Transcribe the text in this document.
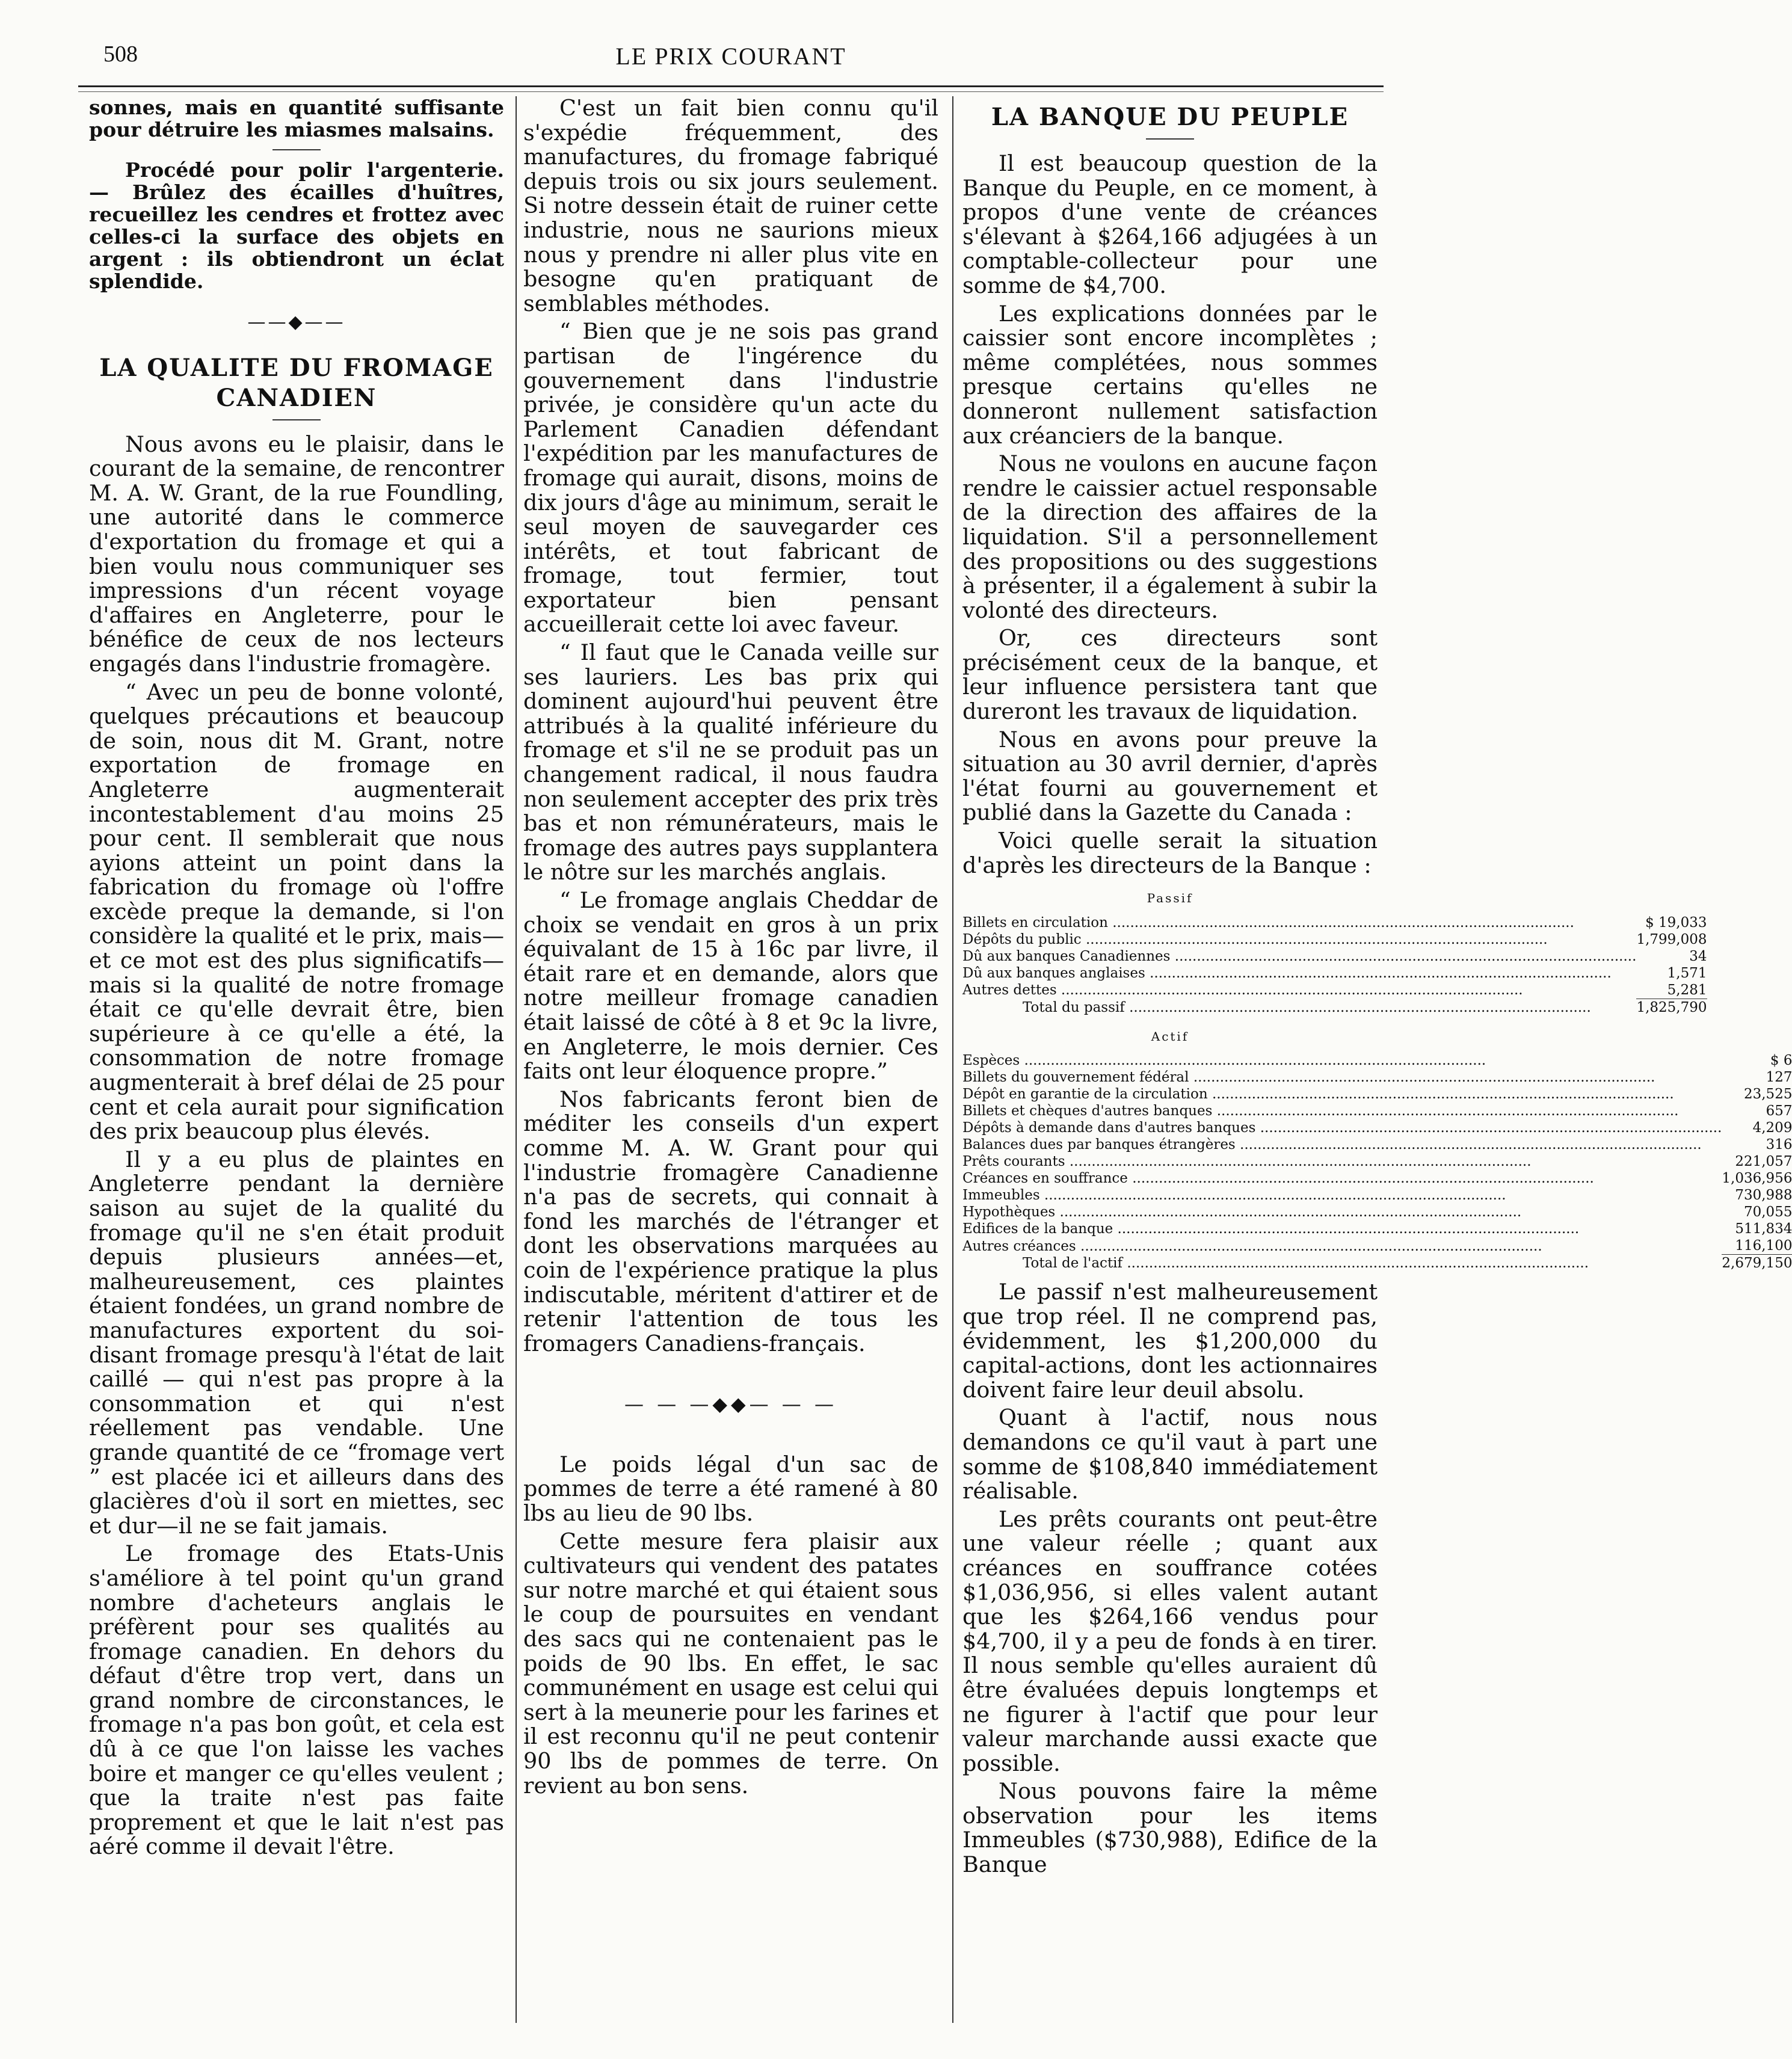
508	LE PRIX COURANT

sonnes, mais en quantité suffisante pour détruire les miasmes malsains.

Procédé pour polir l'argenterie. — Brûlez des écailles d'huîtres, recueillez les cendres et frottez avec celles-ci la surface des objets en argent : ils obtiendront un éclat splendide.

——◆——
LA QUALITE DU FROMAGE
CANADIEN

Nous avons eu le plaisir, dans le courant de la semaine, de rencontrer M. A. W. Grant, de la rue Foundling, une autorité dans le commerce d'exportation du fromage et qui a bien voulu nous communiquer ses impressions d'un récent voyage d'affaires en Angleterre, pour le bénéfice de ceux de nos lecteurs engagés dans l'industrie fromagère.

“ Avec un peu de bonne volonté, quelques précautions et beaucoup de soin, nous dit M. Grant, notre exportation de fromage en Angleterre augmenterait incontestablement d'au moins 25 pour cent. Il semblerait que nous ayions atteint un point dans la fabrication du fromage où l'offre excède preque la demande, si l'on considère la qualité et le prix, mais—et ce mot est des plus significatifs—mais si la qualité de notre fromage était ce qu'elle devrait être, bien supérieure à ce qu'elle a été, la consommation de notre fromage augmenterait à bref délai de 25 pour cent et cela aurait pour signification des prix beaucoup plus élevés.

Il y a eu plus de plaintes en Angleterre pendant la dernière saison au sujet de la qualité du fromage qu'il ne s'en était produit depuis plusieurs années—et, malheureusement, ces plaintes étaient fondées, un grand nombre de manufactures exportent du soi-disant fromage presqu'à l'état de lait caillé — qui n'est pas propre à la consommation et qui n'est réellement pas vendable. Une grande quantité de ce “fromage vert ” est placée ici et ailleurs dans des glacières d'où il sort en miettes, sec et dur—il ne se fait jamais.

Le fromage des Etats-Unis s'améliore à tel point qu'un grand nombre d'acheteurs anglais le préfèrent pour ses qualités au fromage canadien. En dehors du défaut d'être trop vert, dans un grand nombre de circonstances, le fromage n'a pas bon goût, et cela est dû à ce que l'on laisse les vaches boire et manger ce qu'elles veulent ; que la traite n'est pas faite proprement et que le lait n'est pas aéré comme il devait l'être.

C'est un fait bien connu qu'il s'expédie fréquemment, des manufactures, du fromage fabriqué depuis trois ou six jours seulement. Si notre dessein était de ruiner cette industrie, nous ne saurions mieux nous y prendre ni aller plus vite en besogne qu'en pratiquant de semblables méthodes.

“ Bien que je ne sois pas grand partisan de l'ingérence du gouvernement dans l'industrie privée, je considère qu'un acte du Parlement Canadien défendant l'expédition par les manufactures de fromage qui aurait, disons, moins de dix jours d'âge au minimum, serait le seul moyen de sauvegarder ces intérêts, et tout fabricant de fromage, tout fermier, tout exportateur bien pensant accueillerait cette loi avec faveur.

“ Il faut que le Canada veille sur ses lauriers. Les bas prix qui dominent aujourd'hui peuvent être attribués à la qualité inférieure du fromage et s'il ne se produit pas un changement radical, il nous faudra non seulement accepter des prix très bas et non rémunérateurs, mais le fromage des autres pays supplantera le nôtre sur les marchés anglais.

“ Le fromage anglais Cheddar de choix se vendait en gros à un prix équivalant de 15 à 16c par livre, il était rare et en demande, alors que notre meilleur fromage canadien était laissé de côté à 8 et 9c la livre, en Angleterre, le mois dernier. Ces faits ont leur éloquence propre.”

Nos fabricants feront bien de méditer les conseils d'un expert comme M. A. W. Grant pour qui l'industrie fromagère Canadienne n'a pas de secrets, qui connait à fond les marchés de l'étranger et dont les observations marquées au coin de l'expérience pratique la plus indiscutable, méritent d'attirer et de retenir l'attention de tous les fromagers Canadiens-français.

— — —◆◆— — —

Le poids légal d'un sac de pommes de terre a été ramené à 80 lbs au lieu de 90 lbs.

Cette mesure fera plaisir aux cultivateurs qui vendent des patates sur notre marché et qui étaient sous le coup de poursuites en vendant des sacs qui ne contenaient pas le poids de 90 lbs. En effet, le sac communément en usage est celui qui sert à la meunerie pour les farines et il est reconnu qu'il ne peut contenir 90 lbs de pommes de terre. On revient au bon sens.

LA BANQUE DU PEUPLE

Il est beaucoup question de la Banque du Peuple, en ce moment, à propos d'une vente de créances s'élevant à $264,166 adjugées à un comptable-collecteur pour une somme de $4,700.

Les explications données par le caissier sont encore incomplètes ; même complétées, nous sommes presque certains qu'elles ne donneront nullement satisfaction aux créanciers de la banque.

Nous ne voulons en aucune façon rendre le caissier actuel responsable de la direction des affaires de la liquidation. S'il a personnellement des propositions ou des suggestions à présenter, il a également à subir la volonté des directeurs.

Or, ces directeurs sont précisément ceux de la banque, et leur influence persistera tant que dureront les travaux de liquidation.

Nous en avons pour preuve la situation au 30 avril dernier, d'après l'état fourni au gouvernement et publié dans la Gazette du Canada :

Voici quelle serait la situation d'après les directeurs de la Banque :

Passif
Billets en circulation .....	$ 19,033
Dépôts du public .....	1,799,008
Dû aux banques Canadiennes .....	34
Dû aux banques anglaises .....	1,571
Autres dettes .....	5,281
Total du passif .....	1,825,790
Actif
Espèces .....	$ 6
Billets du gouvernement fédéral .....	127
Dépôt en garantie de la circulation .....	23,525
Billets et chèques d'autres banques .....	657
Dépôts à demande dans d'autres banques .....	4,209
Balances dues par banques étrangères .....	316
Prêts courants .....	221,057
Créances en souffrance .....	1,036,956
Immeubles .....	730,988
Hypothèques .....	70,055
Edifices de la banque .....	511,834
Autres créances .....	116,100
Total de l'actif .....	2,679,150

Le passif n'est malheureusement que trop réel. Il ne comprend pas, évidemment, les $1,200,000 du capital-actions, dont les actionnaires doivent faire leur deuil absolu.

Quant à l'actif, nous nous demandons ce qu'il vaut à part une somme de $108,840 immédiatement réalisable.

Les prêts courants ont peut-être une valeur réelle ; quant aux créances en souffrance cotées $1,036,956, si elles valent autant que les $264,166 vendus pour $4,700, il y a peu de fonds à en tirer. Il nous semble qu'elles auraient dû être évaluées depuis longtemps et ne figurer à l'actif que pour leur valeur marchande aussi exacte que possible.

Nous pouvons faire la même observation pour les items Immeubles ($730,988), Edifice de la Banque
